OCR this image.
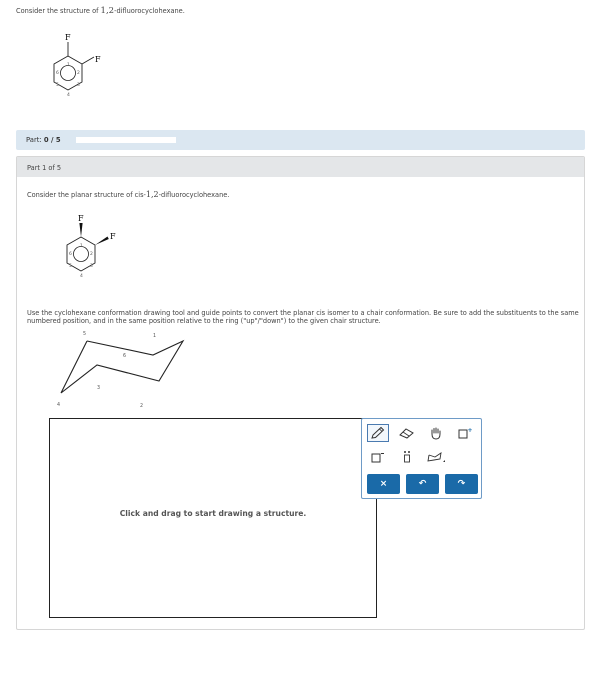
Consider the structure of 1,2-difluorocyclohexane.
F
F
1
2
3
4
5
6
Part: 0 / 5
Part 1 of 5
Consider the planar structure of cis-1,2-difluorocyclohexane.
F
F
1
2
3
4
5
6
Use the cyclohexane conformation drawing tool and guide points to convert the planar cis isomer to a chair conformation. Be sure to add the substituents to the same numbered position, and in the same position relative to the ring ("up"/"down") to the given chair structure.
1
5
6
3
2
4
Click and drag to start drawing a structure.
+
×	↶	↷
